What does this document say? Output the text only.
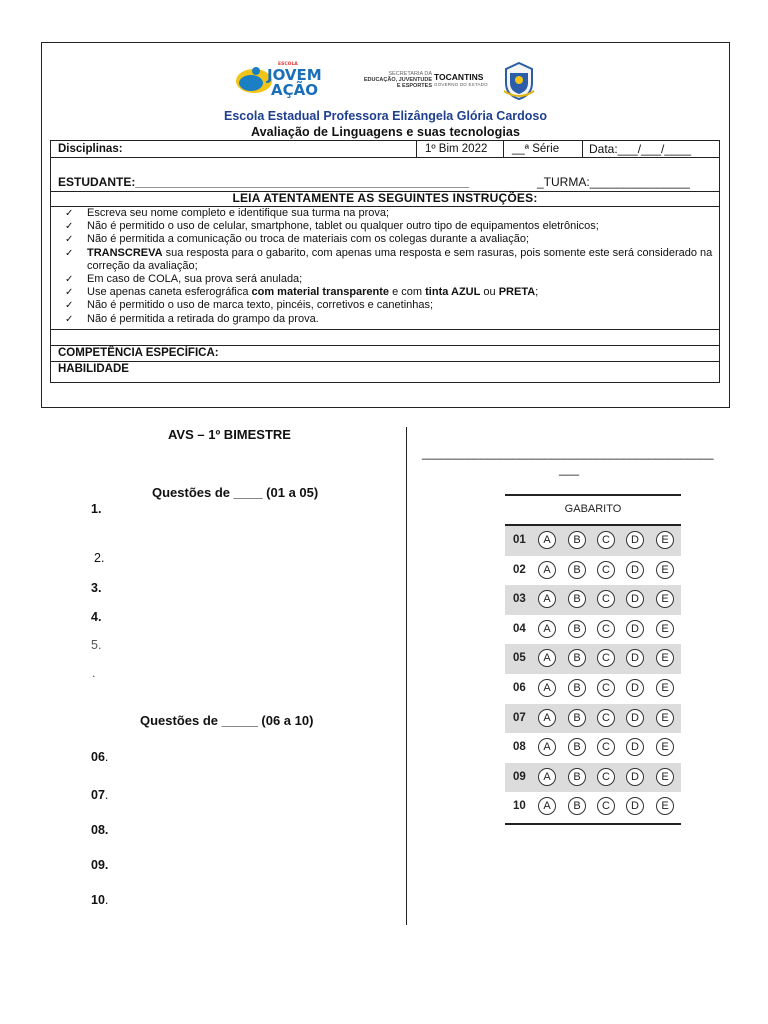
ESCOLA
JOVEM
AÇÃO
SECRETARIA DA
EDUCAÇÃO, JUVENTUDE
E ESPORTES
TOCANTINS
GOVERNO DO ESTADO
Escola Estadual Professora Elizângela Glória Cardoso
Avaliação de Linguagens e suas tecnologias
Disciplinas:	1º Bim 2022	__ª Série	Data:___/___/____
ESTUDANTE:__________________________________________________	_TURMA:_______________
LEIA ATENTAMENTE AS SEGUINTES INSTRUÇÕES:
✓ Escreva seu nome completo e identifique sua turma na prova;
✓ Não é permitido o uso de celular, smartphone, tablet ou qualquer outro tipo de equipamentos eletrônicos;
✓ Não é permitida a comunicação ou troca de materiais com os colegas durante a avaliação;
✓ TRANSCREVA sua resposta para o gabarito, com apenas uma resposta e sem rasuras, pois somente este será considerado na correção da avaliação;
✓ Em caso de COLA, sua prova será anulada;
✓ Use apenas caneta esferográfica com material transparente e com tinta AZUL ou PRETA;
✓ Não é permitido o uso de marca texto, pincéis, corretivos e canetinhas;
✓ Não é permitida a retirada do grampo da prova.
COMPETÊNCIA ESPECÍFICA:
HABILIDADE
AVS – 1º BIMESTRE
Questões de ____ (01 a 05)
1.
2.
3.
4.
5.
.
Questões de _____ (06 a 10)
06.
07.
08.
09.
10.
_____________________________________________
___
GABARITO
01	A	B	C	D	E
02	A	B	C	D	E
03	A	B	C	D	E
04	A	B	C	D	E
05	A	B	C	D	E
06	A	B	C	D	E
07	A	B	C	D	E
08	A	B	C	D	E
09	A	B	C	D	E
10	A	B	C	D	E
